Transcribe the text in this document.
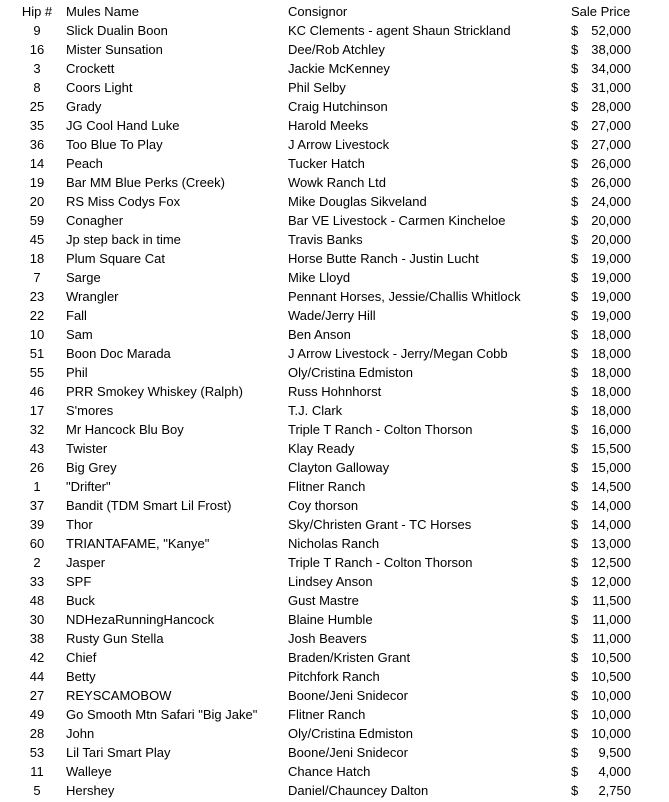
Hip #	Mules Name	Consignor	Sale Price
9	Slick Dualin Boon	KC Clements - agent Shaun Strickland	$ 52,000

16	Mister Sunsation	Dee/Rob Atchley	$ 38,000

3	Crockett	Jackie McKenney	$ 34,000

8	Coors Light	Phil Selby	$ 31,000

25	Grady	Craig Hutchinson	$ 28,000

35	JG Cool Hand Luke	Harold Meeks	$ 27,000

36	Too Blue To Play	J Arrow Livestock	$ 27,000

14	Peach	Tucker Hatch	$ 26,000

19	Bar MM Blue Perks (Creek)	Wowk Ranch Ltd	$ 26,000

20	RS Miss Codys Fox	Mike Douglas Sikveland	$ 24,000

59	Conagher	Bar VE Livestock - Carmen Kincheloe	$ 20,000

45	Jp step back in time	Travis Banks	$ 20,000

18	Plum Square Cat	Horse Butte Ranch - Justin Lucht	$ 19,000

7	Sarge	Mike Lloyd	$ 19,000

23	Wrangler	Pennant Horses, Jessie/Challis Whitlock	$ 19,000

22	Fall	Wade/Jerry Hill	$ 19,000

10	Sam	Ben Anson	$ 18,000

51	Boon Doc Marada	J Arrow Livestock - Jerry/Megan Cobb	$ 18,000

55	Phil	Oly/Cristina Edmiston	$ 18,000

46	PRR Smokey Whiskey (Ralph)	Russ Hohnhorst	$ 18,000

17	S'mores	T.J. Clark	$ 18,000

32	Mr Hancock Blu Boy	Triple T Ranch - Colton Thorson	$ 16,000

43	Twister	Klay Ready	$ 15,500

26	Big Grey	Clayton Galloway	$ 15,000

1	"Drifter"	Flitner Ranch	$ 14,500

37	Bandit (TDM Smart Lil Frost)	Coy thorson	$ 14,000

39	Thor	Sky/Christen Grant - TC Horses	$ 14,000

60	TRIANTAFAME, "Kanye"	Nicholas Ranch	$ 13,000

2	Jasper	Triple T Ranch - Colton Thorson	$ 12,500

33	SPF	Lindsey Anson	$ 12,000

48	Buck	Gust Mastre	$ 11,500

30	NDHezaRunningHancock	Blaine Humble	$ 11,000

38	Rusty Gun Stella	Josh Beavers	$ 11,000

42	Chief	Braden/Kristen Grant	$ 10,500

44	Betty	Pitchfork Ranch	$ 10,500

27	REYSCAMOBOW	Boone/Jeni Snidecor	$ 10,000

49	Go Smooth Mtn Safari "Big Jake"	Flitner Ranch	$ 10,000

28	John	Oly/Cristina Edmiston	$ 10,000

53	Lil Tari Smart Play	Boone/Jeni Snidecor	$ 9,500

11	Walleye	Chance Hatch	$ 4,000

5	Hershey	Daniel/Chauncey Dalton	$ 2,750
